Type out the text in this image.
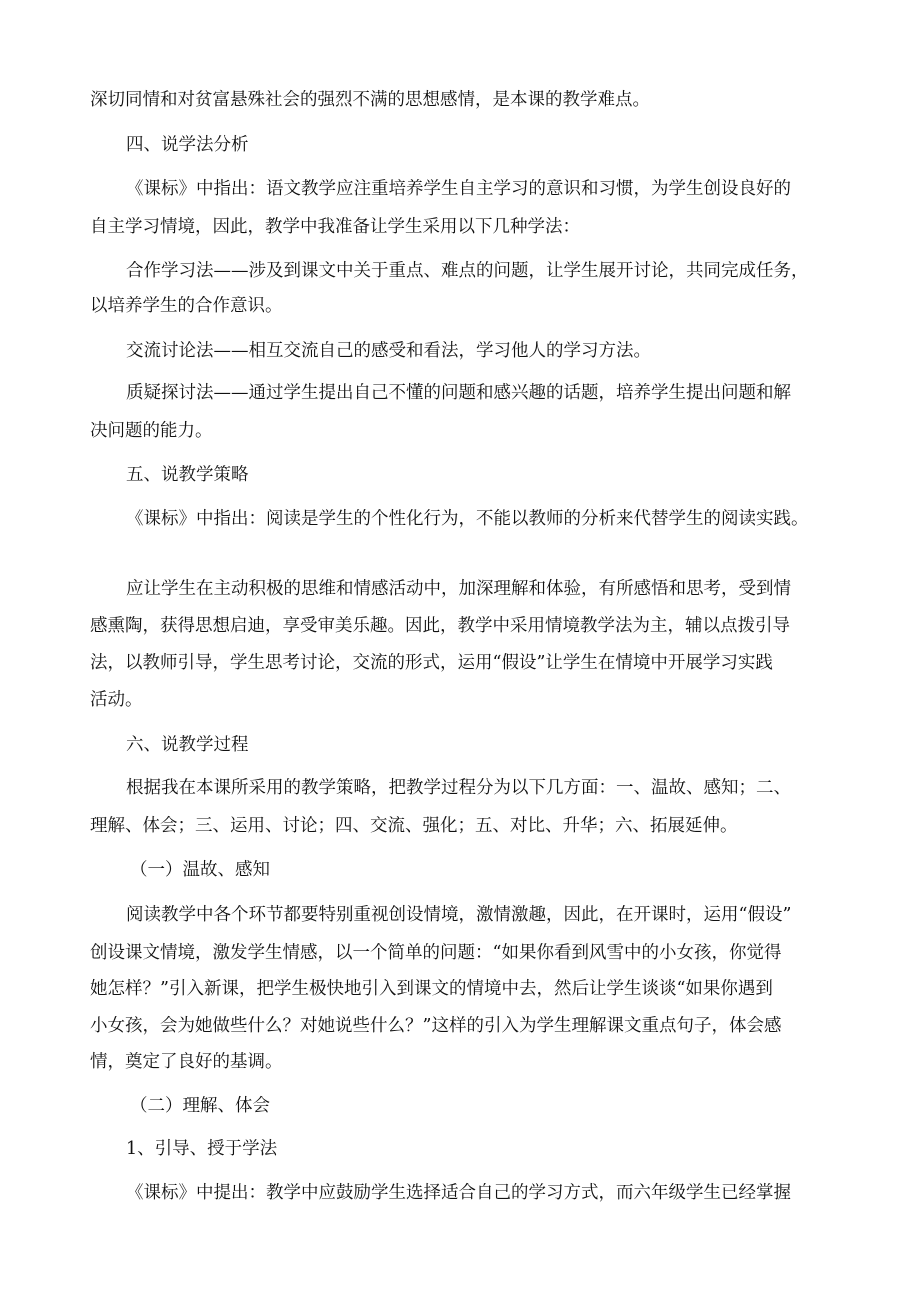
深切同情和对贫富悬殊社会的强烈不满的思想感情，是本课的教学难点。
四、说学法分析
《课标》中指出：语文教学应注重培养学生自主学习的意识和习惯，为学生创设良好的
自主学习情境，因此，教学中我准备让学生采用以下几种学法：
合作学习法——涉及到课文中关于重点、难点的问题，让学生展开讨论，共同完成任务，
以培养学生的合作意识。
交流讨论法——相互交流自己的感受和看法，学习他人的学习方法。
质疑探讨法——通过学生提出自己不懂的问题和感兴趣的话题，培养学生提出问题和解
决问题的能力。
五、说教学策略
《课标》中指出：阅读是学生的个性化行为，不能以教师的分析来代替学生的阅读实践。
应让学生在主动积极的思维和情感活动中，加深理解和体验，有所感悟和思考，受到情
感熏陶，获得思想启迪，享受审美乐趣。因此，教学中采用情境教学法为主，辅以点拨引导
法，以教师引导，学生思考讨论，交流的形式，运用“假设”让学生在情境中开展学习实践
活动。
六、说教学过程
根据我在本课所采用的教学策略，把教学过程分为以下几方面：一、温故、感知；二、
理解、体会；三、运用、讨论；四、交流、强化；五、对比、升华；六、拓展延伸。
（一）温故、感知
阅读教学中各个环节都要特别重视创设情境，激情激趣，因此，在开课时，运用“假设”
创设课文情境，激发学生情感，以一个简单的问题：“如果你看到风雪中的小女孩，你觉得
她怎样？”引入新课，把学生极快地引入到课文的情境中去，然后让学生谈谈“如果你遇到
小女孩，会为她做些什么？对她说些什么？”这样的引入为学生理解课文重点句子，体会感
情，奠定了良好的基调。
（二）理解、体会
1、引导、授于学法
《课标》中提出：教学中应鼓励学生选择适合自己的学习方式，而六年级学生已经掌握
